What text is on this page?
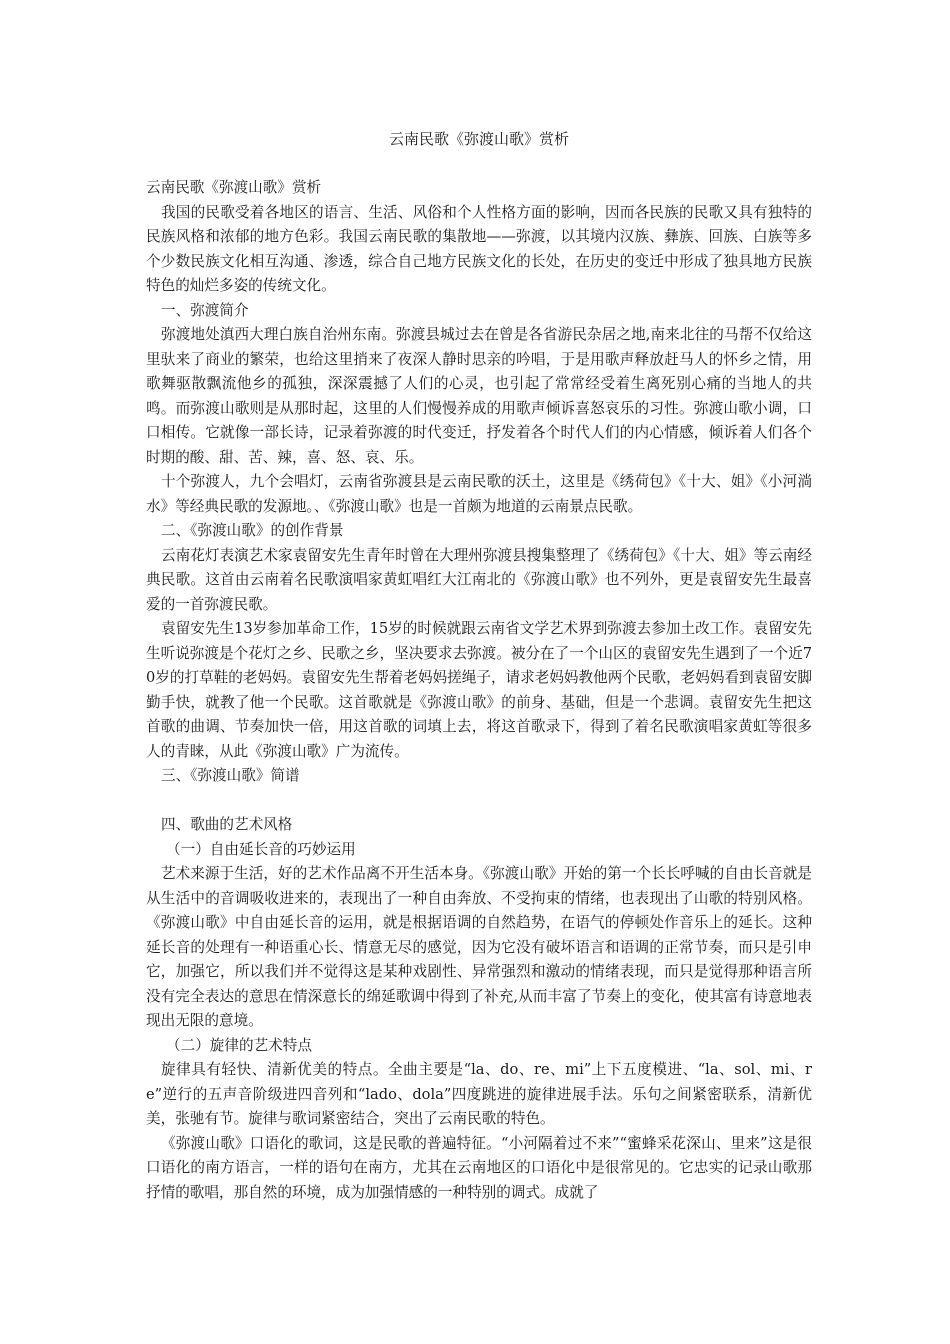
云南民歌《弥渡山歌》赏析

云南民歌《弥渡山歌》赏析

我国的民歌受着各地区的语言、生活、风俗和个人性格方面的影响，因而各民族的民歌又具有独特的民族风格和浓郁的地方色彩。我国云南民歌的集散地——弥渡，以其境内汉族、彝族、回族、白族等多个少数民族文化相互沟通、渗透，综合自己地方民族文化的长处，在历史的变迁中形成了独具地方民族特色的灿烂多姿的传统文化。

一、弥渡简介

弥渡地处滇西大理白族自治州东南。弥渡县城过去在曾是各省游民杂居之地,南来北往的马帮不仅给这里驮来了商业的繁荣，也给这里捎来了夜深人静时思亲的吟唱，于是用歌声释放赶马人的怀乡之情，用歌舞驱散飘流他乡的孤独，深深震撼了人们的心灵，也引起了常常经受着生离死别心痛的当地人的共鸣。而弥渡山歌则是从那时起，这里的人们慢慢养成的用歌声倾诉喜怒哀乐的习性。弥渡山歌小调，口口相传。它就像一部长诗，记录着弥渡的时代变迁，抒发着各个时代人们的内心情感，倾诉着人们各个时期的酸、甜、苦、辣，喜、怒、哀、乐。

十个弥渡人，九个会唱灯，云南省弥渡县是云南民歌的沃土，这里是《绣荷包》《十大、姐》《小河淌水》等经典民歌的发源地。、《弥渡山歌》也是一首颇为地道的云南景点民歌。

二、《弥渡山歌》的创作背景

云南花灯表演艺术家袁留安先生青年时曾在大理州弥渡县搜集整理了《绣荷包》《十大、姐》等云南经典民歌。这首由云南着名民歌演唱家黄虹唱红大江南北的《弥渡山歌》也不列外，更是袁留安先生最喜爱的一首弥渡民歌。

袁留安先生13岁参加革命工作，15岁的时候就跟云南省文学艺术界到弥渡去参加土改工作。袁留安先生听说弥渡是个花灯之乡、民歌之乡，坚决要求去弥渡。被分在了一个山区的袁留安先生遇到了一个近70岁的打草鞋的老妈妈。袁留安先生帮着老妈妈搓绳子，请求老妈妈教他两个民歌，老妈妈看到袁留安脚勤手快，就教了他一个民歌。这首歌就是《弥渡山歌》的前身、基础，但是一个悲调。袁留安先生把这首歌的曲调、节奏加快一倍，用这首歌的词填上去，将这首歌录下，得到了着名民歌演唱家黄虹等很多人的青睐，从此《弥渡山歌》广为流传。

三、《弥渡山歌》简谱

四、歌曲的艺术风格

（一）自由延长音的巧妙运用

艺术来源于生活，好的艺术作品离不开生活本身。《弥渡山歌》开始的第一个长长呼喊的自由长音就是从生活中的音调吸收进来的，表现出了一种自由奔放、不受拘束的情绪，也表现出了山歌的特别风格。《弥渡山歌》中自由延长音的运用，就是根据语调的自然趋势，在语气的停顿处作音乐上的延长。这种延长音的处理有一种语重心长、情意无尽的感觉，因为它没有破坏语言和语调的正常节奏，而只是引申它，加强它，所以我们并不觉得这是某种戏剧性、异常强烈和激动的情绪表现，而只是觉得那种语言所没有完全表达的意思在情深意长的绵延歌调中得到了补充,从而丰富了节奏上的变化，使其富有诗意地表现出无限的意境。

（二）旋律的艺术特点

旋律具有轻快、清新优美的特点。全曲主要是“la、do、re、mi”上下五度模进、“la、sol、mi、re”逆行的五声音阶级进四音列和“lado、dola”四度跳进的旋律进展手法。乐句之间紧密联系，清新优美，张驰有节。旋律与歌词紧密结合，突出了云南民歌的特色。

《弥渡山歌》口语化的歌词，这是民歌的普遍特征。“小河隔着过不来”“蜜蜂采花深山、里来”这是很口语化的南方语言，一样的语句在南方，尤其在云南地区的口语化中是很常见的。它忠实的记录山歌那抒情的歌唱，那自然的环境，成为加强情感的一种特别的调式。成就了
